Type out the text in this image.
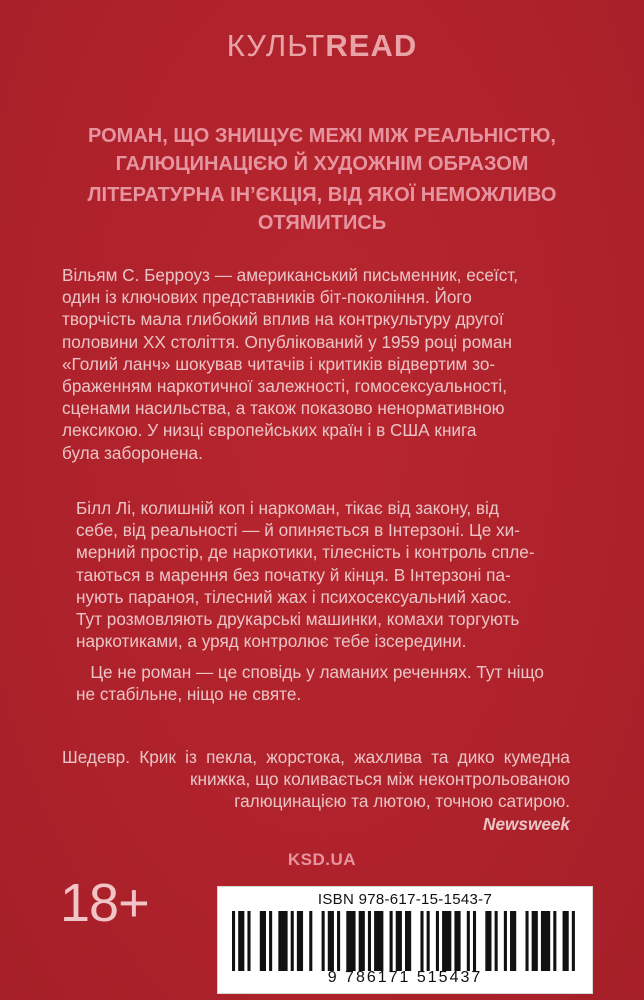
КУЛЬТREAD

РОМАН, ЩО ЗНИЩУЄ МЕЖІ МІЖ РЕАЛЬНІСТЮ, ГАЛЮЦИНАЦІЄЮ Й ХУДОЖНІМ ОБРАЗОМ

ЛІТЕРАТУРНА ІН’ЄКЦІЯ, ВІД ЯКОЇ НЕМОЖЛИВО ОТЯМИТИСЬ

Вільям С. Берроуз — американський письменник, есеїст,
один із ключових представників біт-покоління. Його
творчість мала глибокий вплив на контркультуру другої
половини ХХ століття. Опублікований у 1959 році роман
«Голий ланч» шокував читачів і критиків відвертим зо-
браженням наркотичної залежності, гомосексуальності,
сценами насильства, а також показово ненормативною
лексикою. У низці європейських країн і в США книга
була заборонена.
Білл Лі, колишній коп і наркоман, тікає від закону, від
себе, від реальності — й опиняється в Інтерзоні. Це хи-
мерний простір, де наркотики, тілесність і контроль спле-
таються в марення без початку й кінця. В Інтерзоні па-
нують параноя, тілесний жах і психосексуальний хаос.
Тут розмовляють друкарські машинки, комахи торгують
наркотиками, а уряд контролює тебе ізсередини.
Це не роман — це сповідь у ламаних реченнях. Тут ніщо
не стабільне, ніщо не святе.
Шедевр. Крик із пекла, жорстока, жахлива та дико кумедна
книжка, що коливається між неконтрольованою
галюцинацією та лютою, точною сатирою.
Newsweek
KSD.UA
18+	ISBN 978-617-15-1543-7
9 786171 515437
